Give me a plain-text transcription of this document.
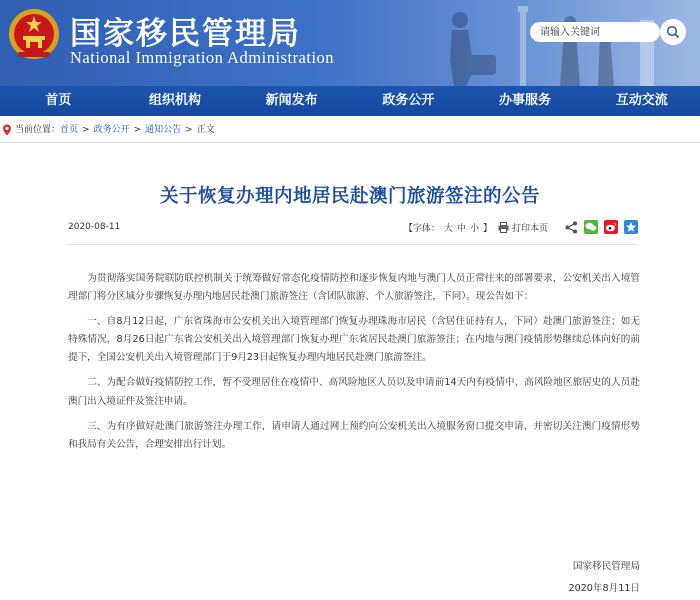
国家移民管理局
National Immigration Administration
请输入关键词
首页	组织机构	新闻发布	政务公开	办事服务	互动交流
当前位置： 首页 > 政务公开 > 通知公告 > 正文
关于恢复办理内地居民赴澳门旅游签注的公告
2020-08-11	【字体： 大 中 小 】 打印本页

为贯彻落实国务院联防联控机制关于统筹做好常态化疫情防控和逐步恢复内地与澳门人员正常往来的部署要求，公安机关出入境管理部门将分区域分步骤恢复办理内地居民赴澳门旅游签注（含团队旅游、个人旅游签注，下同）。现公告如下：

一、自8月12日起，广东省珠海市公安机关出入境管理部门恢复办理珠海市居民（含居住证持有人，下同）赴澳门旅游签注；如无特殊情况，8月26日起广东省公安机关出入境管理部门恢复办理广东省居民赴澳门旅游签注；在内地与澳门疫情形势继续总体向好的前提下，全国公安机关出入境管理部门于9月23日起恢复办理内地居民赴澳门旅游签注。

二、为配合做好疫情防控工作，暂不受理居住在疫情中、高风险地区人员以及申请前14天内有疫情中、高风险地区旅居史的人员赴澳门出入境证件及签注申请。

三、为有序做好赴澳门旅游签注办理工作，请申请人通过网上预约向公安机关出入境服务窗口提交申请，并密切关注澳门疫情形势和我局有关公告，合理安排出行计划。

国家移民管理局
2020年8月11日
